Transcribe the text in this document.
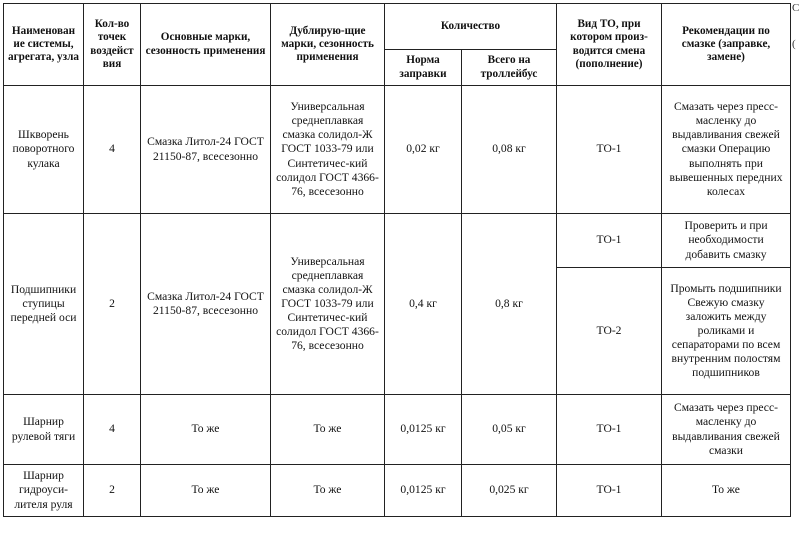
Наименован ие системы, агрегата, узла	Кол-во точек воздейст вия	Основные марки, сезонность применения	Дублирую-щие марки, сезонность применения	Количество		Вид ТО, при котором произ-водится смена (пополнение)	Рекомендации по смазке (заправке, замене)
				Норма заправки	Всего на троллейбус		
Шкворень поворотного кулака	4	Смазка Литол-24 ГОСТ 21150-87, всесезонно	Универсальная среднеплавкая смазка солидол-Ж ГОСТ 1033-79 или Синтетичес-кий солидол ГОСТ 4366-76, всесезонно	0,02 кг	0,08 кг	ТО-1	Смазать через пресс-масленку до выдавливания свежей смазки Операцию выполнять при вывешенных передних колесах
Подшипники ступицы передней оси	2	Смазка Литол-24 ГОСТ 21150-87, всесезонно	Универсальная среднеплавкая смазка солидол-Ж ГОСТ 1033-79 или Синтетичес-кий солидол ГОСТ 4366-76, всесезонно	0,4 кг	0,8 кг	ТО-1	Проверить и при необходимости добавить смазку
						ТО-2	Промыть подшипники Свежую смазку заложить между роликами и сепараторами по всем внутренним полостям подшипников
Шарнир рулевой тяги	4	То же	То же	0,0125 кг	0,05 кг	ТО-1	Смазать через пресс-масленку до выдавливания свежей смазки
Шарнир гидроуси-лителя руля	2	То же	То же	0,0125 кг	0,025 кг	ТО-1	То же
С
(
